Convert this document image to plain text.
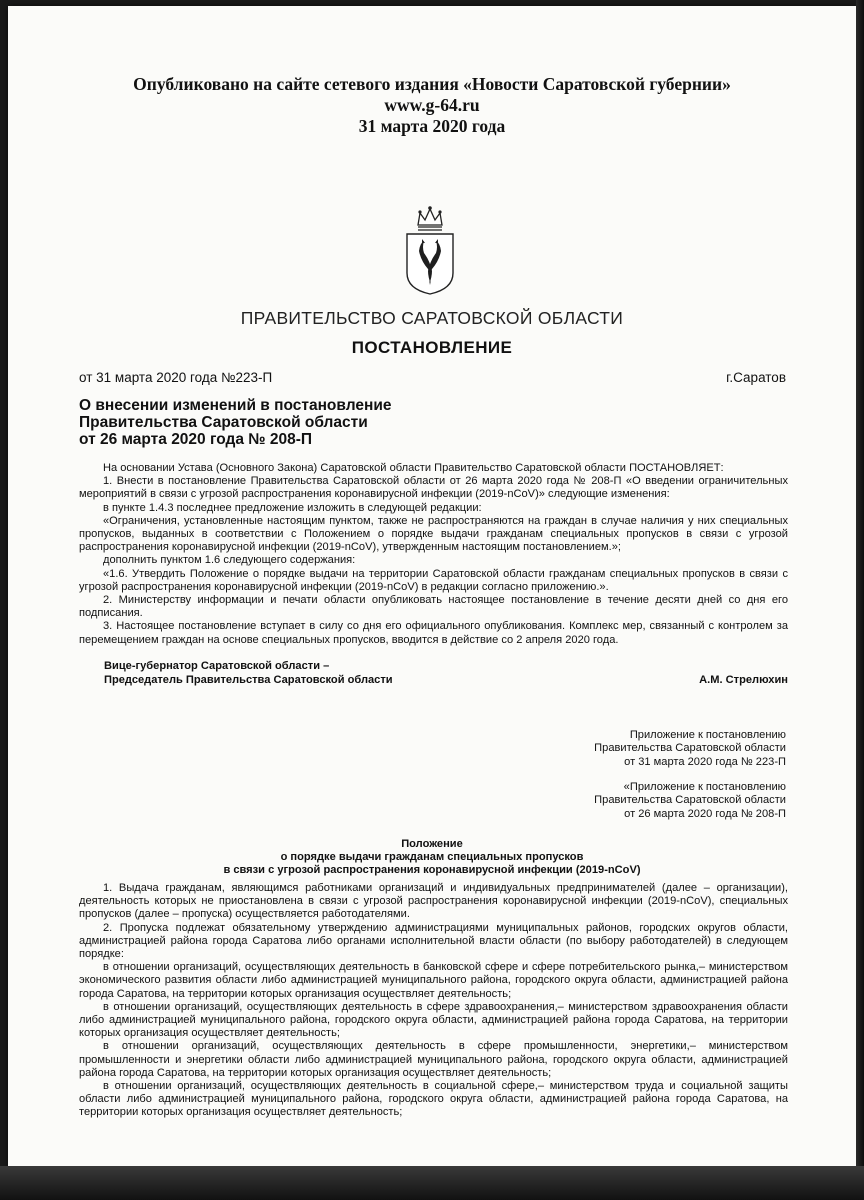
Опубликовано на сайте сетевого издания «Новости Саратовской губернии»
www.g-64.ru
31 марта 2020 года
ПРАВИТЕЛЬСТВО САРАТОВСКОЙ ОБЛАСТИ
ПОСТАНОВЛЕНИЕ
от 31 марта 2020 года №223-П	г.Саратов
О внесении изменений в постановление
Правительства Саратовской области
от 26 марта 2020 года № 208-П

На основании Устава (Основного Закона) Саратовской области Правительство Саратовской области ПОСТАНОВЛЯЕТ:

1. Внести в постановление Правительства Саратовской области от 26 марта 2020 года № 208-П «О введении ограничительных мероприятий в связи с угрозой распространения коронавирусной инфекции (2019-nCoV)» следующие изменения:

в пункте 1.4.3 последнее предложение изложить в следующей редакции:

«Ограничения, установленные настоящим пунктом, также не распространяются на граждан в случае наличия у них специальных пропусков, выданных в соответствии с Положением о порядке выдачи гражданам специальных пропусков в связи с угрозой распространения коронавирусной инфекции (2019-nCoV), утвержденным настоящим постановлением.»;

дополнить пунктом 1.6 следующего содержания:

«1.6. Утвердить Положение о порядке выдачи на территории Саратовской области гражданам специальных пропусков в связи с угрозой распространения коронавирусной инфекции (2019-nCoV) в редакции согласно приложению.».

2. Министерству информации и печати области опубликовать настоящее постановление в течение десяти дней со дня его подписания.

3. Настоящее постановление вступает в силу со дня его официального опубликования. Комплекс мер, связанный с контролем за перемещением граждан на основе специальных пропусков, вводится в действие со 2 апреля 2020 года.

Вице-губернатор Саратовской области –
Председатель Правительства Саратовской области	А.М. Стрелюхин
Приложение к постановлению
Правительства Саратовской области
от 31 марта 2020 года № 223-П
«Приложение к постановлению
Правительства Саратовской области
от 26 марта 2020 года № 208-П
Положение
о порядке выдачи гражданам специальных пропусков
в связи с угрозой распространения коронавирусной инфекции (2019-nCoV)

1. Выдача гражданам, являющимся работниками организаций и индивидуальных предпринимателей (далее – организации), деятельность которых не приостановлена в связи с угрозой распространения коронавирусной инфекции (2019-nCoV), специальных пропусков (далее – пропуска) осуществляется работодателями.

2. Пропуска подлежат обязательному утверждению администрациями муниципальных районов, городских округов области, администрацией района города Саратова либо органами исполнительной власти области (по выбору работодателей) в следующем порядке:

в отношении организаций, осуществляющих деятельность в банковской сфере и сфере потребительского рынка,– министерством экономического развития области либо администрацией муниципального района, городского округа области, администрацией района города Саратова, на территории которых организация осуществляет деятельность;

в отношении организаций, осуществляющих деятельность в сфере здравоохранения,– министерством здравоохранения области либо администрацией муниципального района, городского округа области, администрацией района города Саратова, на территории которых организация осуществляет деятельность;

в отношении организаций, осуществляющих деятельность в сфере промышленности, энергетики,– министерством промышленности и энергетики области либо администрацией муниципального района, городского округа области, администрацией района города Саратова, на территории которых организация осуществляет деятельность;

в отношении организаций, осуществляющих деятельность в социальной сфере,– министерством труда и социальной защиты области либо администрацией муниципального района, городского округа области, администрацией района города Саратова, на территории которых организация осуществляет деятельность;
